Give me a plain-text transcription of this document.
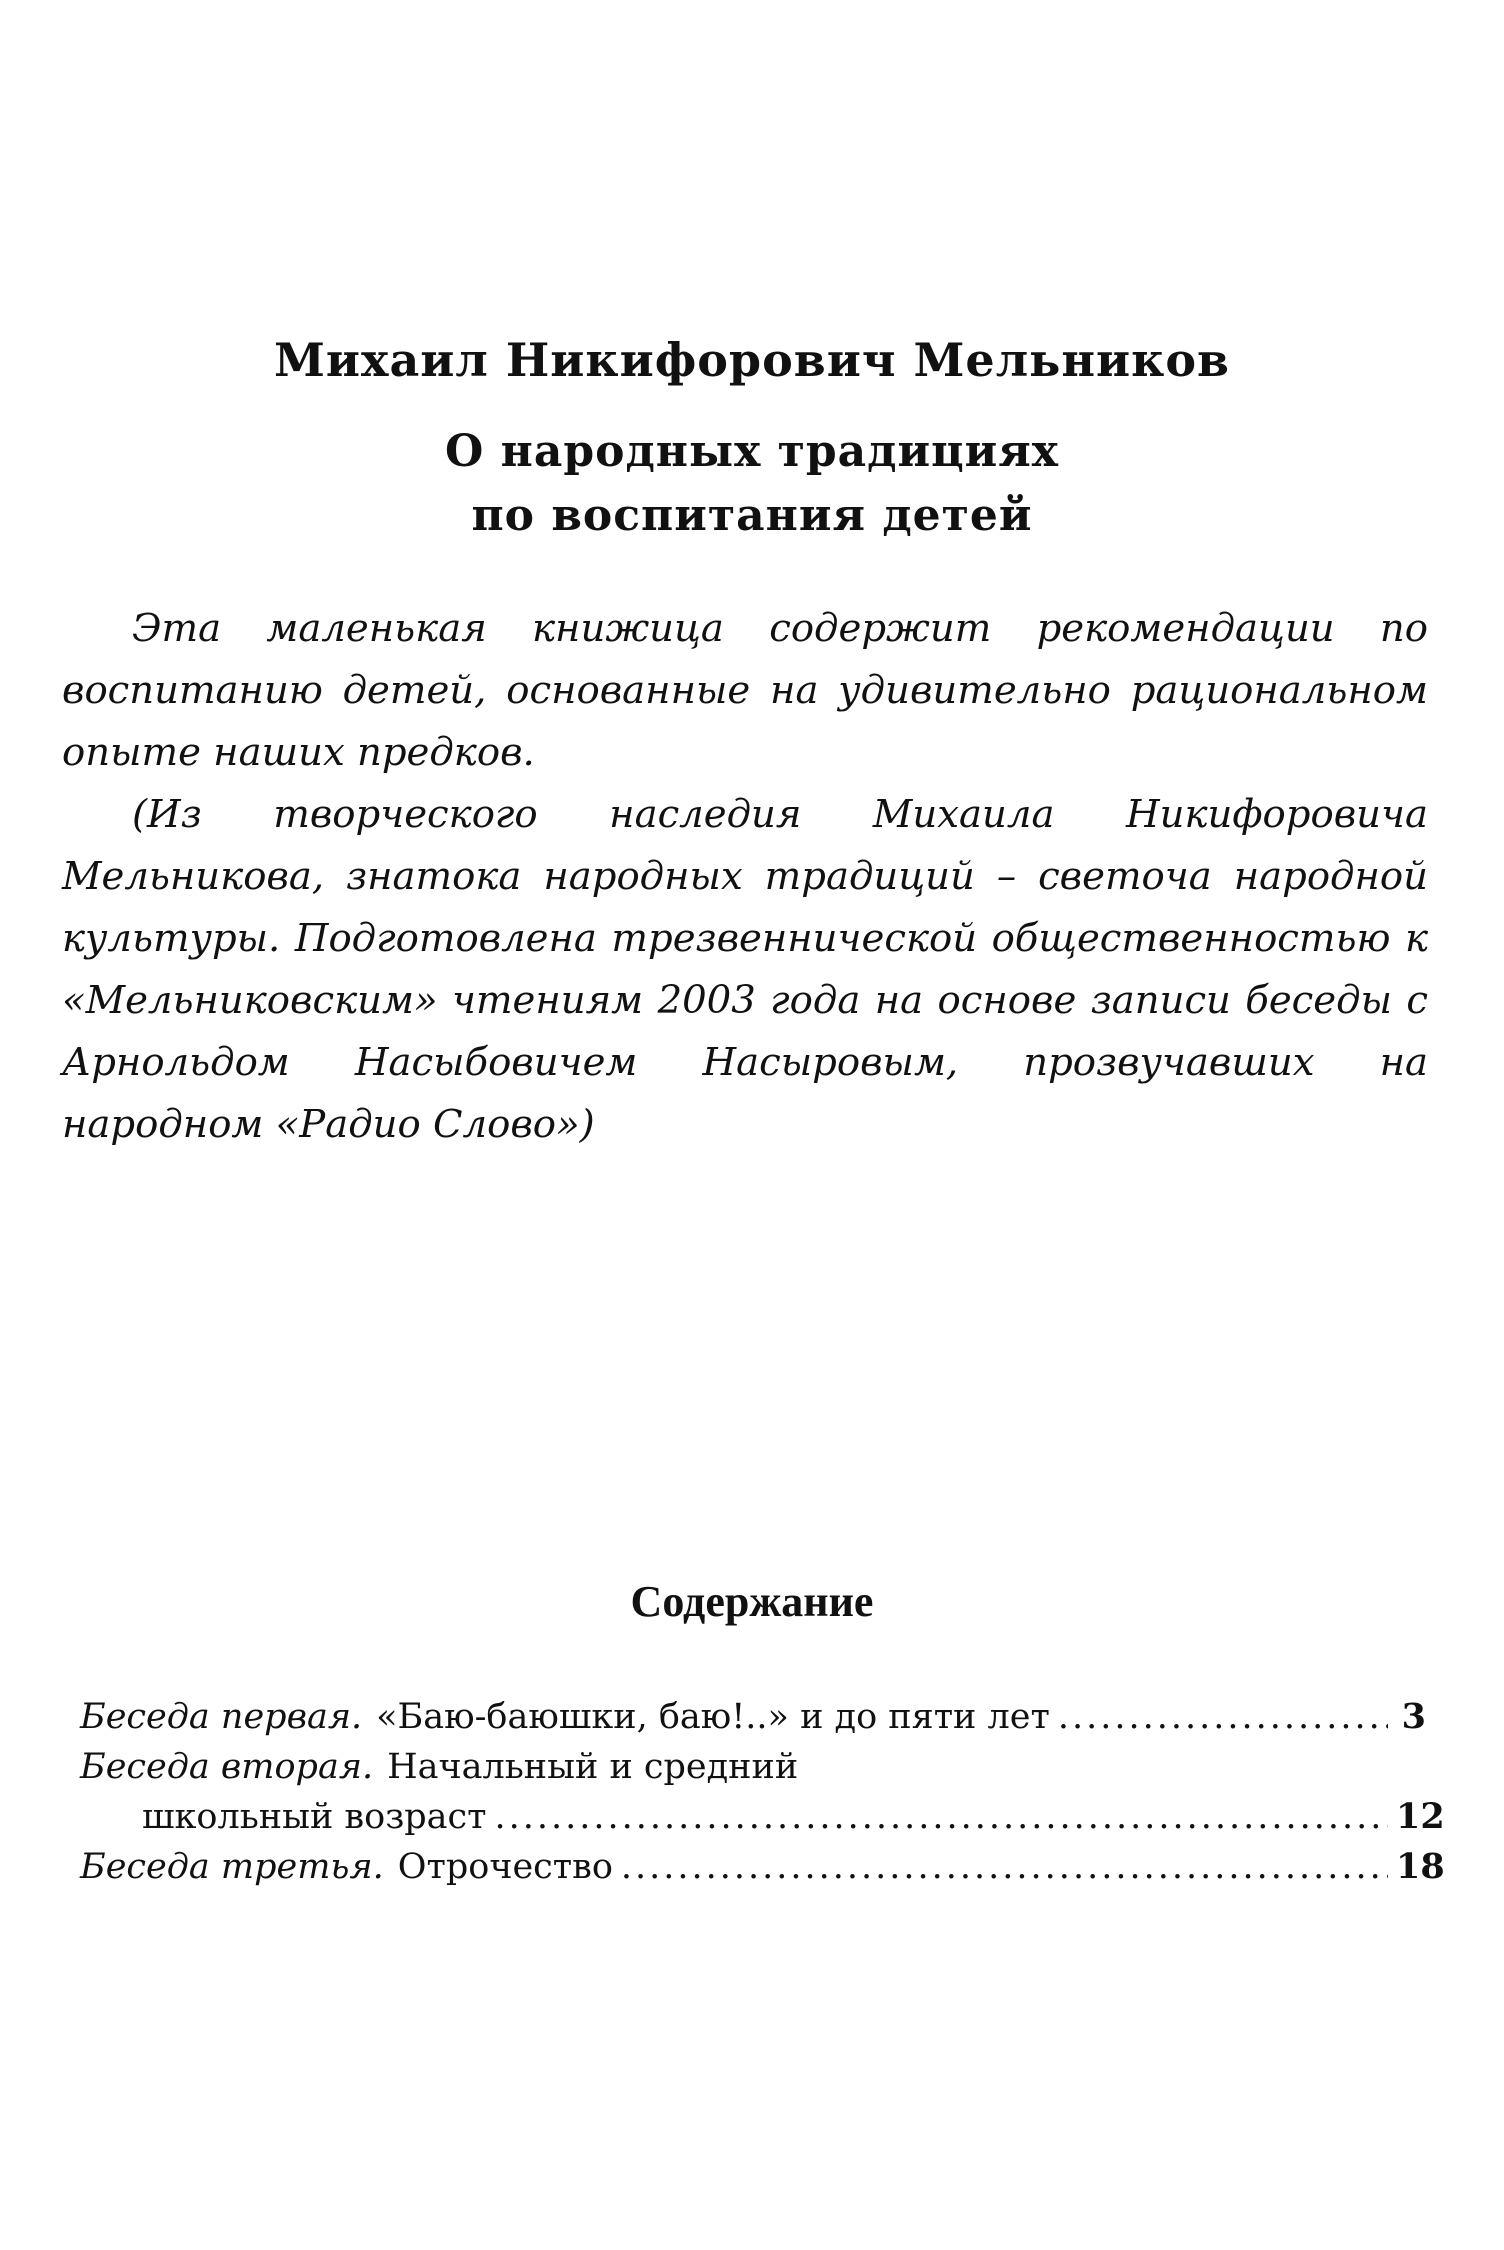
Михаил Никифорович Мельников
О народных традициях
по воспитания детей

Эта маленькая книжица содержит рекомендации по воспитанию детей, основанные на удивительно рациональном опыте наших предков.

(Из творческого наследия Михаила Никифоровича Мельникова, знатока народных традиций – светоча народной культуры. Подготовлена трезвеннической общественностью к «Мельниковским» чтениям 2003 года на основе записи беседы с Арнольдом Насыбовичем Насыровым, прозвучавших на народном «Радио Слово»)

Содержание
Беседа первая. «Баю-баюшки, баю!..» и до пяти лет .....	3
Беседа вторая. Начальный и средний
школьный возраст .....	12
Беседа третья. Отрочество .....	18
